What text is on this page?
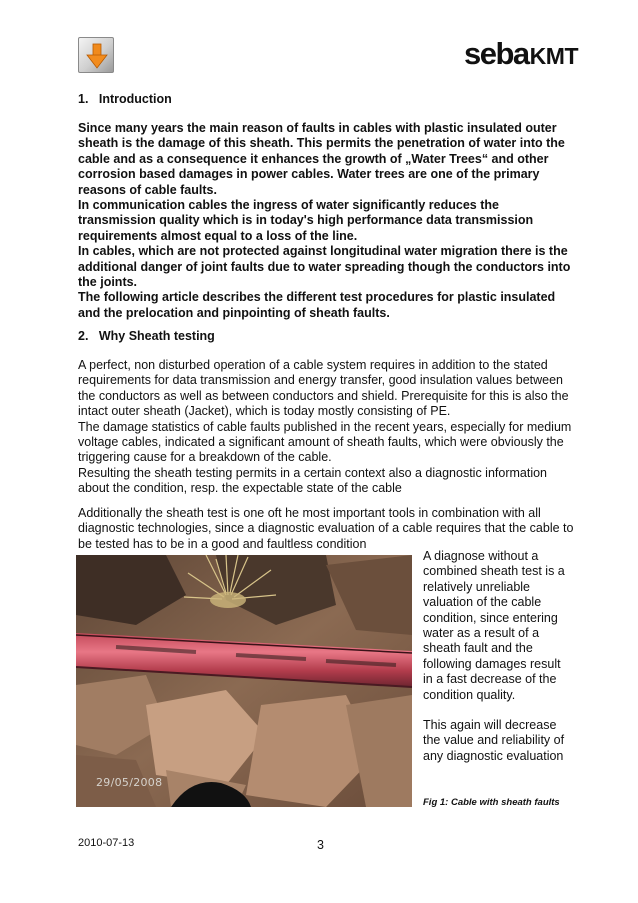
seba KMT
1.   Introduction

Since many years the main reason of faults in cables with plastic insulated outer sheath is the damage of this sheath. This permits the penetration of water into the cable and as a consequence it enhances the growth of „Water Trees“ and other corrosion based damages in power cables. Water trees are one of the primary reasons of cable faults.

In communication cables the ingress of water significantly reduces the transmission quality which is in today's high performance data transmission requirements almost equal to a loss of the line.

In cables, which are not protected against longitudinal water migration there is the additional danger of joint faults due to water spreading though the conductors into the joints.

The following article describes the different test procedures for plastic insulated and the prelocation and pinpointing of sheath faults.

2.   Why Sheath testing

A perfect, non disturbed operation of a cable system requires in addition to the stated requirements for data transmission and energy transfer, good insulation values between the conductors as well as between conductors and shield. Prerequisite for this is also the intact outer sheath (Jacket), which is today mostly consisting of PE.

The damage statistics of cable faults published in the recent years, especially for medium voltage cables, indicated a significant amount of sheath faults, which were obviously the triggering cause for a breakdown of the cable.

Resulting the sheath testing permits in a certain context also a diagnostic information about the condition, resp. the expectable state of the cable

Additionally the sheath test is one oft he most important tools in combination with all diagnostic technologies, since a diagnostic evaluation of a cable requires that the cable to be tested has to be in a good and faultless condition

29/05/2008

A diagnose without a combined sheath test is a relatively unreliable valuation of the cable condition, since entering water as a result of a sheath fault and the following damages result in a fast decrease of the condition quality.

This again will decrease the value and reliability of any diagnostic evaluation

Fig 1: Cable with sheath faults
2010-07-13	3
